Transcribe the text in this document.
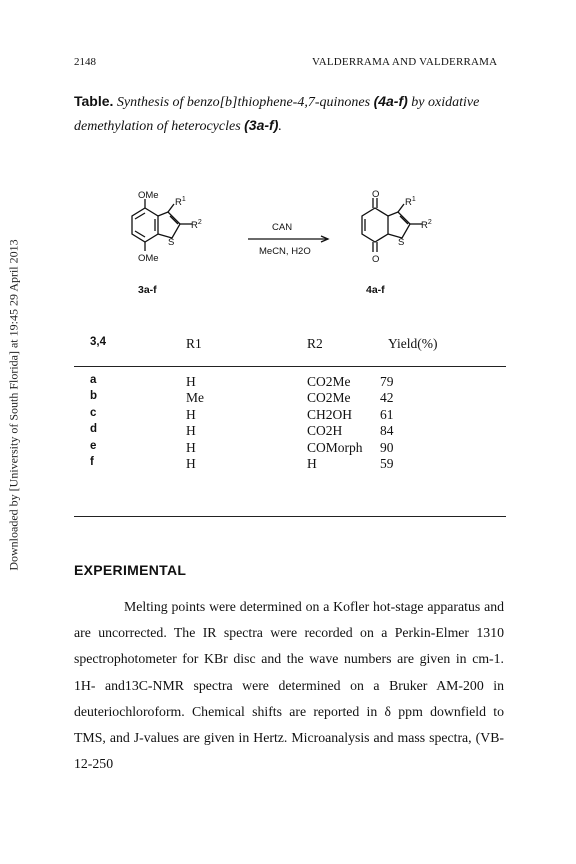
2148	VALDERRAMA AND VALDERRAMA
Downloaded by [University of South Florida] at 19:45 29 April 2013
Table. Synthesis of benzo[b]thiophene-4,7-quinones (4a-f) by oxidative demethylation of heterocycles (3a-f).
OMe
OMe
$R^1$
$R^2$
S
3a-f
CAN
MeCN, H2O
O
O
$R^1$
$R^2$
S
4a-f
3,4	R1	R2	Yield(%)
a	H	CO2Me 79
b	Me	CO2Me 42
c	H	CH2OH 61
d	H	CO2H	84
e	H	COMorph 90
f	H	H	59
EXPERIMENTAL
Melting points were determined on a Kofler hot-stage apparatus and are uncorrected. The IR spectra were recorded on a Perkin-Elmer 1310 spectrophotometer for KBr disc and the wave numbers are given in cm-1. 1H- and13C-NMR spectra were determined on a Bruker AM-200 in deuteriochloroform. Chemical shifts are reported in δ ppm downfield to TMS, and J-values are given in Hertz. Microanalysis and mass spectra, (VB-12-250
